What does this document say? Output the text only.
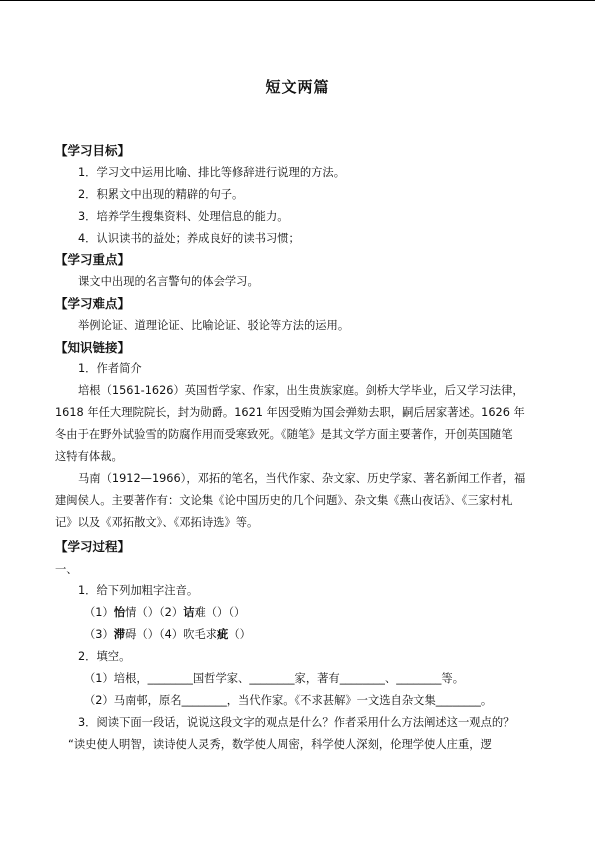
短文两篇
【学习目标】
1．学习文中运用比喻、排比等修辞进行说理的方法。
2．积累文中出现的精辟的句子。
3．培养学生搜集资料、处理信息的能力。
4．认识读书的益处；养成良好的读书习惯；
【学习重点】
课文中出现的名言警句的体会学习。
【学习难点】
举例论证、道理论证、比喻论证、驳论等方法的运用。
【知识链接】
1．作者简介
培根（1561-1626）英国哲学家、作家，出生贵族家庭。剑桥大学毕业，后又学习法律，
1618 年任大理院院长，封为勋爵。1621 年因受贿为国会弹劾去职，嗣后居家著述。1626 年
冬由于在野外试验雪的防腐作用而受寒致死。《随笔》是其文学方面主要著作，开创英国随笔
这特有体裁。
马南（1912—1966），邓拓的笔名，当代作家、杂文家、历史学家、著名新闻工作者，福
建闽侯人。主要著作有：文论集《论中国历史的几个问题》、杂文集《燕山夜话》、《三家村札
记》以及《邓拓散文》、《邓拓诗选》等。
【学习过程】
一、
1．给下列加粗字注音。
（1）怡情（）（2）诘难（）（）
（3）滞碍（）（4）吹毛求疵（）
2．填空。
（1）培根，________国哲学家、________家，著有________、________等。
（2）马南邨，原名________，当代作家。《不求甚解》一文选自杂文集________。
3．阅读下面一段话，说说这段文字的观点是什么？作者采用什么方法阐述这一观点的？
“读史使人明智，读诗使人灵秀，数学使人周密，科学使人深刻，伦理学使人庄重，逻
